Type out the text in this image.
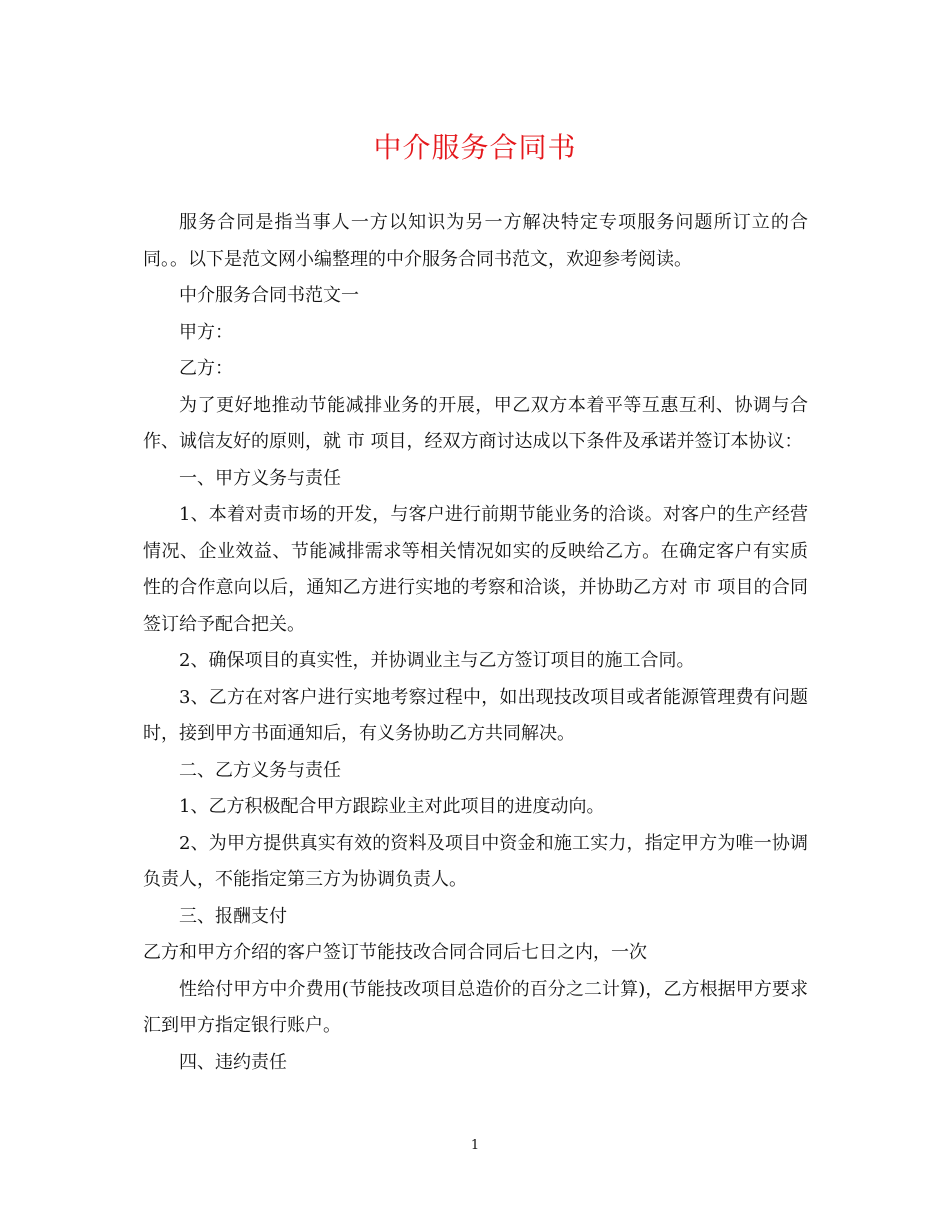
中介服务合同书

服务合同是指当事人一方以知识为另一方解决特定专项服务问题所订立的合同。。以下是范文网小编整理的中介服务合同书范文，欢迎参考阅读。

中介服务合同书范文一

甲方：

乙方：

为了更好地推动节能减排业务的开展，甲乙双方本着平等互惠互利、协调与合作、诚信友好的原则，就 市 项目，经双方商讨达成以下条件及承诺并签订本协议：

一、甲方义务与责任

1、本着对责市场的开发，与客户进行前期节能业务的洽谈。对客户的生产经营情况、企业效益、节能减排需求等相关情况如实的反映给乙方。在确定客户有实质性的合作意向以后，通知乙方进行实地的考察和洽谈，并协助乙方对 市 项目的合同签订给予配合把关。

2、确保项目的真实性，并协调业主与乙方签订项目的施工合同。

3、乙方在对客户进行实地考察过程中，如出现技改项目或者能源管理费有问题时，接到甲方书面通知后，有义务协助乙方共同解决。

二、乙方义务与责任

1、乙方积极配合甲方跟踪业主对此项目的进度动向。

2、为甲方提供真实有效的资料及项目中资金和施工实力，指定甲方为唯一协调负责人，不能指定第三方为协调负责人。

三、报酬支付

乙方和甲方介绍的客户签订节能技改合同合同后七日之内，一次

性给付甲方中介费用(节能技改项目总造价的百分之二计算)，乙方根据甲方要求汇到甲方指定银行账户。

四、违约责任

1
